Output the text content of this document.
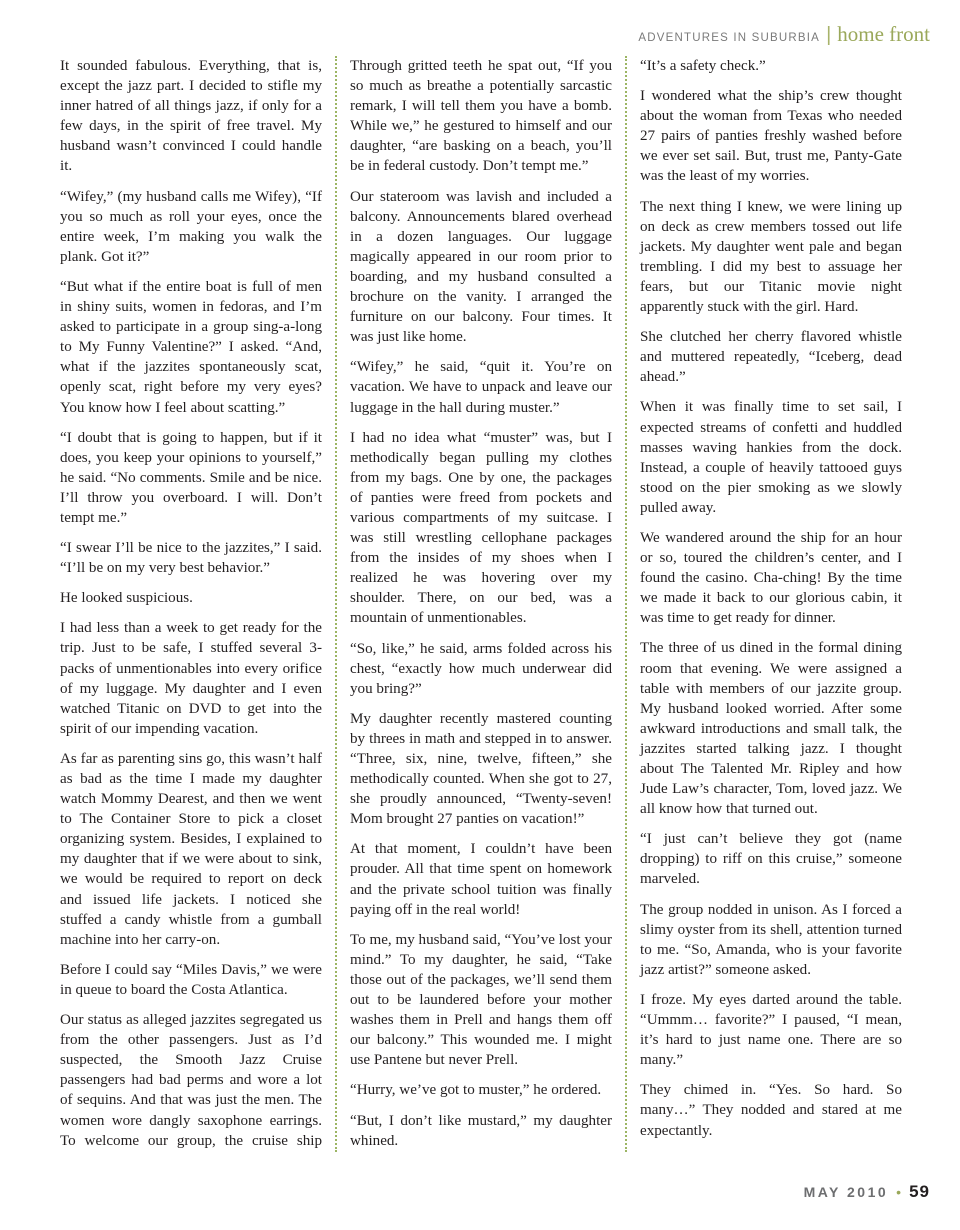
ADVENTURES IN SUBURBIA | home front

It sounded fabulous. Everything, that is, except the jazz part. I decided to stifle my inner hatred of all things jazz, if only for a few days, in the spirit of free travel. My husband wasn’t convinced I could handle it.

“Wifey,” (my husband calls me Wifey), “If you so much as roll your eyes, once the entire week, I’m making you walk the plank. Got it?”

“But what if the entire boat is full of men in shiny suits, women in fedoras, and I’m asked to participate in a group sing-a-long to My Funny Valentine?” I asked. “And, what if the jazzites spontaneously scat, openly scat, right before my very eyes? You know how I feel about scatting.”

“I doubt that is going to happen, but if it does, you keep your opinions to yourself,” he said. “No comments. Smile and be nice. I’ll throw you overboard. I will. Don’t tempt me.”

“I swear I’ll be nice to the jazzites,” I said. “I’ll be on my very best behavior.”

He looked suspicious.

I had less than a week to get ready for the trip. Just to be safe, I stuffed several 3-packs of unmentionables into every orifice of my luggage. My daughter and I even watched Titanic on DVD to get into the spirit of our impending vacation.

As far as parenting sins go, this wasn’t half as bad as the time I made my daughter watch Mommy Dearest, and then we went to The Container Store to pick a closet organizing system. Besides, I explained to my daughter that if we were about to sink, we would be required to report on deck and issued life jackets. I noticed she stuffed a candy whistle from a gumball machine into her carry-on.

Before I could say “Miles Davis,” we were in queue to board the Costa Atlantica.

Our status as alleged jazzites segregated us from the other passengers. Just as I’d suspected, the Smooth Jazz Cruise passengers had bad perms and wore a lot of sequins. And that was just the men. The women wore dangly saxophone earrings. To welcome our group, the cruise ship

Through gritted teeth he spat out, “If you so much as breathe a potentially sarcastic remark, I will tell them you have a bomb. While we,” he gestured to himself and our daughter, “are basking on a beach, you’ll be in federal custody. Don’t tempt me.”

Our stateroom was lavish and included a balcony. Announcements blared overhead in a dozen languages. Our luggage magically appeared in our room prior to boarding, and my husband consulted a brochure on the vanity. I arranged the furniture on our balcony. Four times. It was just like home.

“Wifey,” he said, “quit it. You’re on vacation. We have to unpack and leave our luggage in the hall during muster.”

I had no idea what “muster” was, but I methodically began pulling my clothes from my bags. One by one, the packages of panties were freed from pockets and various compartments of my suitcase. I was still wrestling cellophane packages from the insides of my shoes when I realized he was hovering over my shoulder. There, on our bed, was a mountain of unmentionables.

“So, like,” he said, arms folded across his chest, “exactly how much underwear did you bring?”

My daughter recently mastered counting by threes in math and stepped in to answer. “Three, six, nine, twelve, fifteen,” she methodically counted. When she got to 27, she proudly announced, “Twenty-seven! Mom brought 27 panties on vacation!”

At that moment, I couldn’t have been prouder. All that time spent on homework and the private school tuition was finally paying off in the real world!

To me, my husband said, “You’ve lost your mind.” To my daughter, he said, “Take those out of the packages, we’ll send them out to be laundered before your mother washes them in Prell and hangs them off our balcony.” This wounded me. I might use Pantene but never Prell.

“Hurry, we’ve got to muster,” he ordered.

“But, I don’t like mustard,” my daughter whined.

“It’s a safety check.”

I wondered what the ship’s crew thought about the woman from Texas who needed 27 pairs of panties freshly washed before we ever set sail. But, trust me, Panty-Gate was the least of my worries.

The next thing I knew, we were lining up on deck as crew members tossed out life jackets. My daughter went pale and began trembling. I did my best to assuage her fears, but our Titanic movie night apparently stuck with the girl. Hard.

She clutched her cherry flavored whistle and muttered repeatedly, “Iceberg, dead ahead.”

When it was finally time to set sail, I expected streams of confetti and huddled masses waving hankies from the dock. Instead, a couple of heavily tattooed guys stood on the pier smoking as we slowly pulled away.

We wandered around the ship for an hour or so, toured the children’s center, and I found the casino. Cha-ching! By the time we made it back to our glorious cabin, it was time to get ready for dinner.

The three of us dined in the formal dining room that evening. We were assigned a table with members of our jazzite group. My husband looked worried. After some awkward introductions and small talk, the jazzites started talking jazz. I thought about The Talented Mr. Ripley and how Jude Law’s character, Tom, loved jazz. We all know how that turned out.

“I just can’t believe they got (name dropping) to riff on this cruise,” someone marveled.

The group nodded in unison. As I forced a slimy oyster from its shell, attention turned to me. “So, Amanda, who is your favorite jazz artist?” someone asked.

I froze. My eyes darted around the table. “Ummm… favorite?” I paused, “I mean, it’s hard to just name one. There are so many.”

They chimed in. “Yes. So hard. So many…” They nodded and stared at me expectantly.

MAY 2010 • 59
